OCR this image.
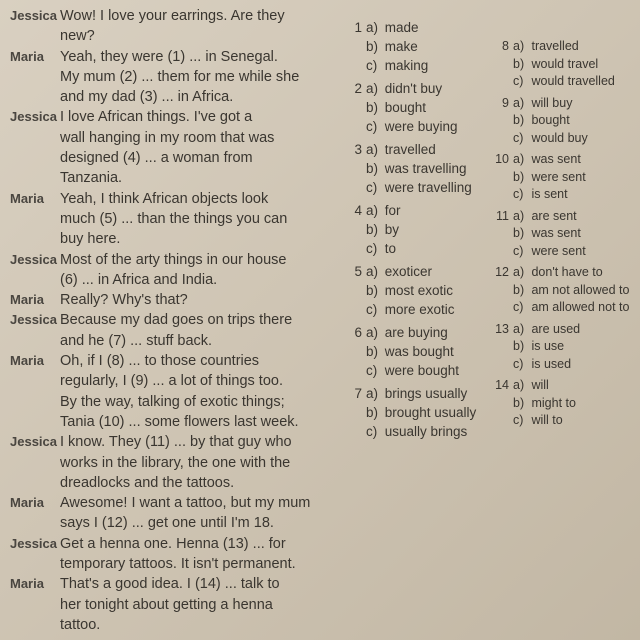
Jessica Wow! I love your earrings. Are they
new?
Maria Yeah, they were (1) ... in Senegal.
My mum (2) ... them for me while she
and my dad (3) ... in Africa.
Jessica I love African things. I've got a
wall hanging in my room that was
designed (4) ... a woman from
Tanzania.
Maria Yeah, I think African objects look
much (5) ... than the things you can
buy here.
Jessica Most of the arty things in our house
(6) ... in Africa and India.
Maria Really? Why's that?
Jessica Because my dad goes on trips there
and he (7) ... stuff back.
Maria Oh, if I (8) ... to those countries
regularly, I (9) ... a lot of things too.
By the way, talking of exotic things;
Tania (10) ... some flowers last week.
Jessica I know. They (11) ... by that guy who
works in the library, the one with the
dreadlocks and the tattoos.
Maria Awesome! I want a tattoo, but my mum
says I (12) ... get one until I'm 18.
Jessica Get a henna one. Henna (13) ... for
temporary tattoos. It isn't permanent.
Maria That's a good idea. I (14) ... talk to
her tonight about getting a henna
tattoo.
1 a) made
b) make
c) making
2 a) didn't buy
b) bought
c) were buying
3 a) travelled
b) was travelling
c) were travelling
4 a) for
b) by
c) to
5 a) exoticer
b) most exotic
c) more exotic
6 a) are buying
b) was bought
c) were bought
7 a) brings usually
b) brought usually
c) usually brings
8 a) travelled
b) would travel
c) would travelled
9 a) will buy
b) bought
c) would buy
10 a) was sent
b) were sent
c) is sent
11 a) are sent
b) was sent
c) were sent
12 a) don't have to
b) am not allowed to
c) am allowed not to
13 a) are used
b) is use
c) is used
14 a) will
b) might to
c) will to
